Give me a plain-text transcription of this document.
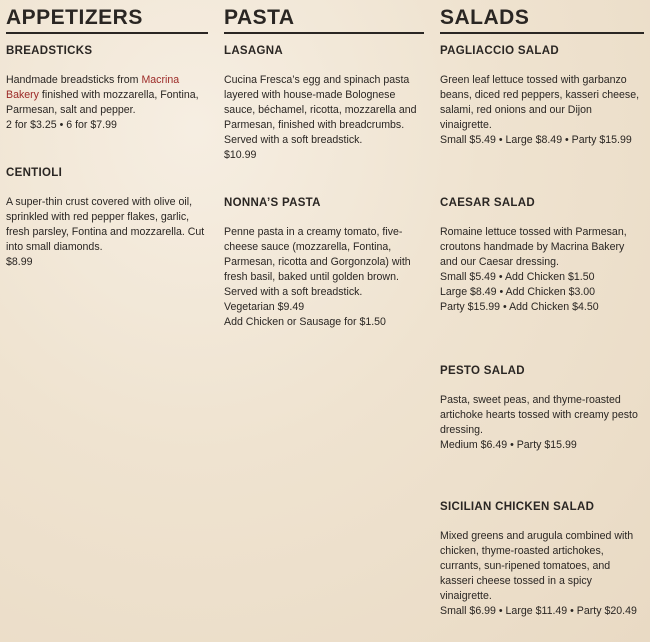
APPETIZERS

BREADSTICKS

Handmade breadsticks from Macrina Bakery finished with mozzarella, Fontina, Parmesan, salt and pepper.

2 for $3.25 • 6 for $7.99

CENTIOLI

A super-thin crust covered with olive oil, sprinkled with red pepper flakes, garlic, fresh parsley, Fontina and mozzarella. Cut into small diamonds.

$8.99

PASTA

LASAGNA

Cucina Fresca’s egg and spinach pasta layered with house-made Bolognese sauce, béchamel, ricotta, mozzarella and Parmesan, finished with breadcrumbs. Served with a soft breadstick.

$10.99

NONNA’S PASTA

Penne pasta in a creamy tomato, five-cheese sauce (mozzarella, Fontina, Parmesan, ricotta and Gorgonzola) with fresh basil, baked until golden brown. Served with a soft breadstick.

Vegetarian $9.49

Add Chicken or Sausage for $1.50

SALADS

PAGLIACCIO SALAD

Green leaf lettuce tossed with garbanzo beans, diced red peppers, kasseri cheese, salami, red onions and our Dijon vinaigrette.

Small $5.49 • Large $8.49 • Party $15.99

CAESAR SALAD

Romaine lettuce tossed with Parmesan, croutons handmade by Macrina Bakery and our Caesar dressing.

Small $5.49 • Add Chicken $1.50

Large $8.49 • Add Chicken $3.00

Party $15.99 • Add Chicken $4.50

PESTO SALAD

Pasta, sweet peas, and thyme-roasted artichoke hearts tossed with creamy pesto dressing.

Medium $6.49 • Party $15.99

SICILIAN CHICKEN SALAD

Mixed greens and arugula combined with chicken, thyme-roasted artichokes, currants, sun-ripened tomatoes, and kasseri cheese tossed in a spicy vinaigrette.

Small $6.99 • Large $11.49 • Party $20.49
